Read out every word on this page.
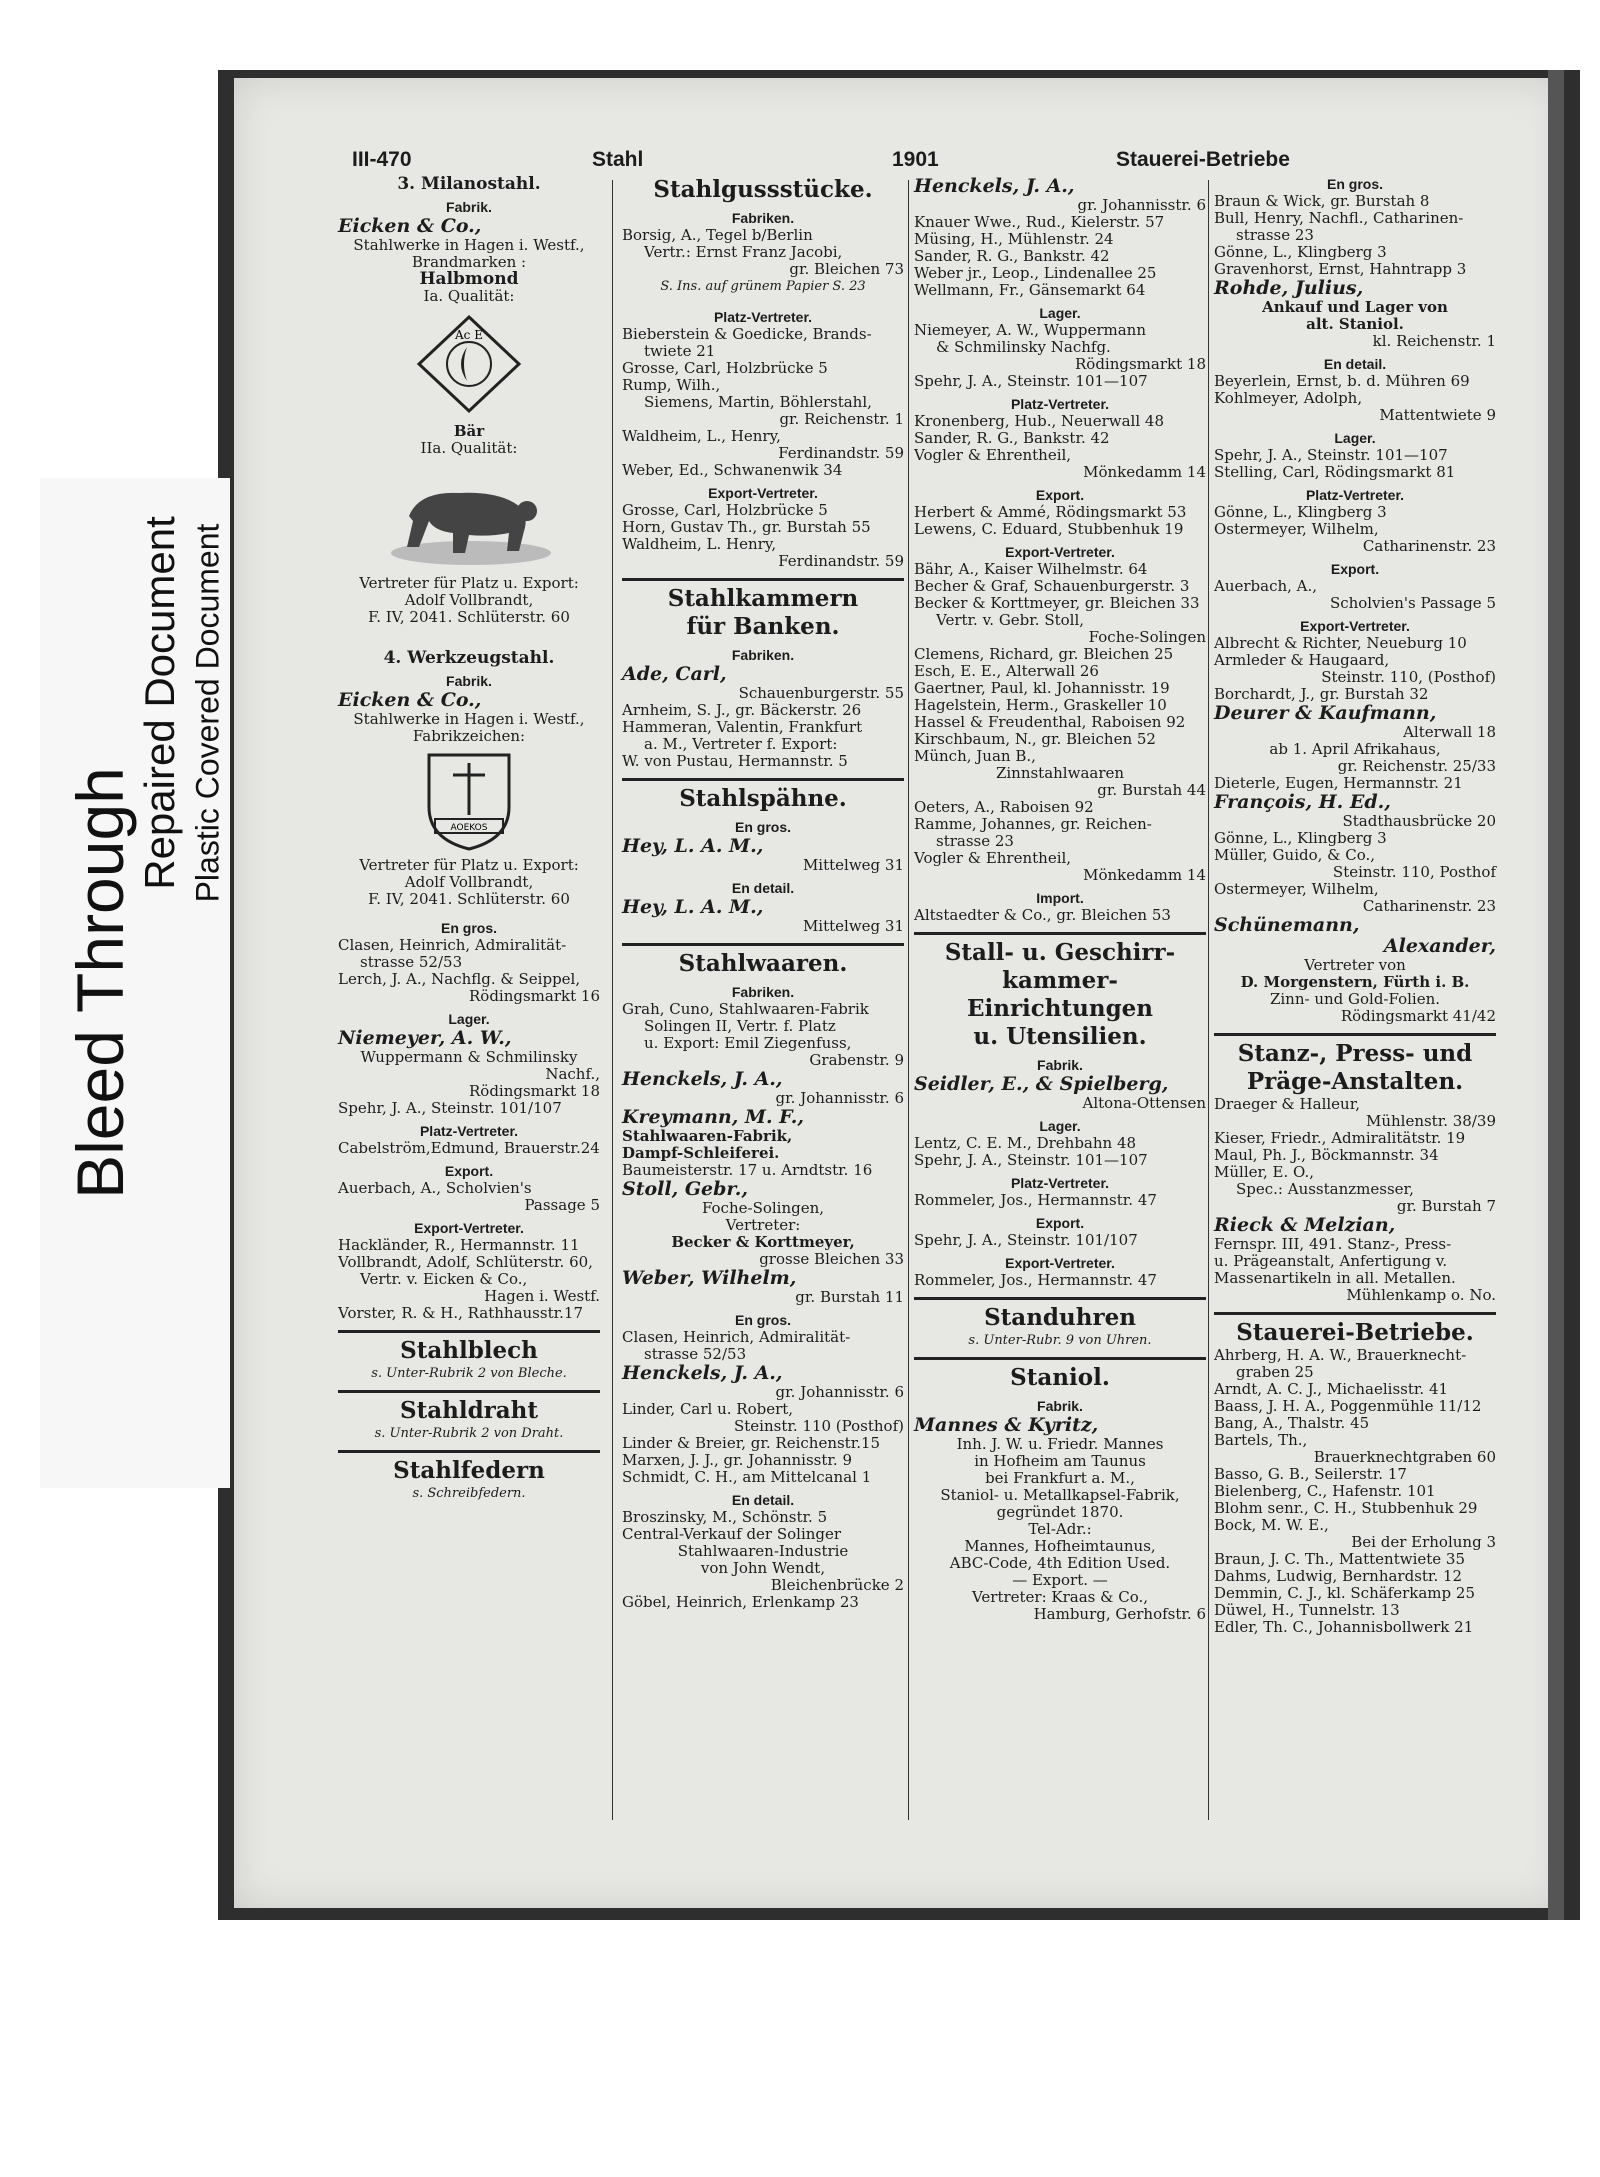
Bleed Through
Repaired Document Plastic Covered Document
III-470	Stahl	1901	Stauerei-Betriebe
3. Milanostahl.
Fabrik.
Eicken & Co.,
Stahlwerke in Hagen i. Westf.,
Brandmarken :
Halbmond
Ia. Qualität:
Ac E
Bär
IIa. Qualität:
Vertreter für Platz u. Export:
Adolf Vollbrandt,
F. IV, 2041. Schlüterstr. 60
4. Werkzeugstahl.
Fabrik.
Eicken & Co.,
Stahlwerke in Hagen i. Westf.,
Fabrikzeichen:
AOEKOS
Vertreter für Platz u. Export:
Adolf Vollbrandt,
F. IV, 2041. Schlüterstr. 60
En gros.
Clasen, Heinrich, Admiralität-
strasse 52/53
Lerch, J. A., Nachflg. & Seippel,
Rödingsmarkt 16
Lager.
Niemeyer, A. W.,
Wuppermann & Schmilinsky
Nachf.,
Rödingsmarkt 18
Spehr, J. A., Steinstr. 101/107
Platz-Vertreter.
Cabelström,Edmund, Brauerstr.24
Export.
Auerbach, A., Scholvien's
Passage 5
Export-Vertreter.
Hackländer, R., Hermannstr. 11
Vollbrandt, Adolf, Schlüterstr. 60,
Vertr. v. Eicken & Co.,
Hagen i. Westf.
Vorster, R. & H., Rathhausstr.17
Stahlblech
s. Unter-Rubrik 2 von Bleche.
Stahldraht
s. Unter-Rubrik 2 von Draht.
Stahlfedern
s. Schreibfedern.
Stahlgussstücke.
Fabriken.
Borsig, A., Tegel b/Berlin
Vertr.: Ernst Franz Jacobi,
gr. Bleichen 73
S. Ins. auf grünem Papier S. 23
Platz-Vertreter.
Bieberstein & Goedicke, Brands-
twiete 21
Grosse, Carl, Holzbrücke 5
Rump, Wilh.,
Siemens, Martin, Böhlerstahl,
gr. Reichenstr. 1
Waldheim, L., Henry,
Ferdinandstr. 59
Weber, Ed., Schwanenwik 34
Export-Vertreter.
Grosse, Carl, Holzbrücke 5
Horn, Gustav Th., gr. Burstah 55
Waldheim, L. Henry,
Ferdinandstr. 59
Stahlkammern
für Banken.
Fabriken.
Ade, Carl,
Schauenburgerstr. 55
Arnheim, S. J., gr. Bäckerstr. 26
Hammeran, Valentin, Frankfurt
a. M., Vertreter f. Export:
W. von Pustau, Hermannstr. 5
Stahlspähne.
En gros.
Hey, L. A. M.,
Mittelweg 31
En detail.
Hey, L. A. M.,
Mittelweg 31
Stahlwaaren.
Fabriken.
Grah, Cuno, Stahlwaaren-Fabrik
Solingen II, Vertr. f. Platz
u. Export: Emil Ziegenfuss,
Grabenstr. 9
Henckels, J. A.,
gr. Johannisstr. 6
Kreymann, M. F.,
Stahlwaaren-Fabrik,
Dampf-Schleiferei.
Baumeisterstr. 17 u. Arndtstr. 16
Stoll, Gebr.,
Foche-Solingen,
Vertreter:
Becker & Korttmeyer,
grosse Bleichen 33
Weber, Wilhelm,
gr. Burstah 11
En gros.
Clasen, Heinrich, Admiralität-
strasse 52/53
Henckels, J. A.,
gr. Johannisstr. 6
Linder, Carl u. Robert,
Steinstr. 110 (Posthof)
Linder & Breier, gr. Reichenstr.15
Marxen, J. J., gr. Johannisstr. 9
Schmidt, C. H., am Mittelcanal 1
En detail.
Broszinsky, M., Schönstr. 5
Central-Verkauf der Solinger
Stahlwaaren-Industrie
von John Wendt,
Bleichenbrücke 2
Göbel, Heinrich, Erlenkamp 23
Henckels, J. A.,
gr. Johannisstr. 6
Knauer Wwe., Rud., Kielerstr. 57
Müsing, H., Mühlenstr. 24
Sander, R. G., Bankstr. 42
Weber jr., Leop., Lindenallee 25
Wellmann, Fr., Gänsemarkt 64
Lager.
Niemeyer, A. W., Wuppermann
& Schmilinsky Nachfg.
Rödingsmarkt 18
Spehr, J. A., Steinstr. 101—107
Platz-Vertreter.
Kronenberg, Hub., Neuerwall 48
Sander, R. G., Bankstr. 42
Vogler & Ehrentheil,
Mönkedamm 14
Export.
Herbert & Ammé, Rödingsmarkt 53
Lewens, C. Eduard, Stubbenhuk 19
Export-Vertreter.
Bähr, A., Kaiser Wilhelmstr. 64
Becher & Graf, Schauenburgerstr. 3
Becker & Korttmeyer, gr. Bleichen 33
Vertr. v. Gebr. Stoll,
Foche-Solingen
Clemens, Richard, gr. Bleichen 25
Esch, E. E., Alterwall 26
Gaertner, Paul, kl. Johannisstr. 19
Hagelstein, Herm., Graskeller 10
Hassel & Freudenthal, Raboisen 92
Kirschbaum, N., gr. Bleichen 52
Münch, Juan B.,
Zinnstahlwaaren
gr. Burstah 44
Oeters, A., Raboisen 92
Ramme, Johannes, gr. Reichen-
strasse 23
Vogler & Ehrentheil,
Mönkedamm 14
Import.
Altstaedter & Co., gr. Bleichen 53
Stall- u. Geschirr-
kammer-
Einrichtungen
u. Utensilien.
Fabrik.
Seidler, E., & Spielberg,
Altona-Ottensen
Lager.
Lentz, C. E. M., Drehbahn 48
Spehr, J. A., Steinstr. 101—107
Platz-Vertreter.
Rommeler, Jos., Hermannstr. 47
Export.
Spehr, J. A., Steinstr. 101/107
Export-Vertreter.
Rommeler, Jos., Hermannstr. 47
Standuhren
s. Unter-Rubr. 9 von Uhren.
Staniol.
Fabrik.
Mannes & Kyritz,
Inh. J. W. u. Friedr. Mannes
in Hofheim am Taunus
bei Frankfurt a. M.,
Staniol- u. Metallkapsel-Fabrik,
gegründet 1870.
Tel-Adr.:
Mannes, Hofheimtaunus,
ABC-Code, 4th Edition Used.
— Export. —
Vertreter: Kraas & Co.,
Hamburg, Gerhofstr. 6
En gros.
Braun & Wick, gr. Burstah 8
Bull, Henry, Nachfl., Catharinen-
strasse 23
Gönne, L., Klingberg 3
Gravenhorst, Ernst, Hahntrapp 3
Rohde, Julius,
Ankauf und Lager von
alt. Staniol.
kl. Reichenstr. 1
En detail.
Beyerlein, Ernst, b. d. Mühren 69
Kohlmeyer, Adolph,
Mattentwiete 9
Lager.
Spehr, J. A., Steinstr. 101—107
Stelling, Carl, Rödingsmarkt 81
Platz-Vertreter.
Gönne, L., Klingberg 3
Ostermeyer, Wilhelm,
Catharinenstr. 23
Export.
Auerbach, A.,
Scholvien's Passage 5
Export-Vertreter.
Albrecht & Richter, Neueburg 10
Armleder & Haugaard,
Steinstr. 110, (Posthof)
Borchardt, J., gr. Burstah 32
Deurer & Kaufmann,
Alterwall 18
ab 1. April Afrikahaus,
gr. Reichenstr. 25/33
Dieterle, Eugen, Hermannstr. 21
François, H. Ed.,
Stadthausbrücke 20
Gönne, L., Klingberg 3
Müller, Guido, & Co.,
Steinstr. 110, Posthof
Ostermeyer, Wilhelm,
Catharinenstr. 23
Schünemann,
Alexander,
Vertreter von
D. Morgenstern, Fürth i. B.
Zinn- und Gold-Folien.
Rödingsmarkt 41/42
Stanz-, Press- und
Präge-Anstalten.
Draeger & Halleur,
Mühlenstr. 38/39
Kieser, Friedr., Admiralitätstr. 19
Maul, Ph. J., Böckmannstr. 34
Müller, E. O.,
Spec.: Ausstanzmesser,
gr. Burstah 7
Rieck & Melzian,
Fernspr. III, 491. Stanz-, Press-
u. Prägeanstalt, Anfertigung v.
Massenartikeln in all. Metallen.
Mühlenkamp o. No.
Stauerei-Betriebe.
Ahrberg, H. A. W., Brauerknecht-
graben 25
Arndt, A. C. J., Michaelisstr. 41
Baass, J. H. A., Poggenmühle 11/12
Bang, A., Thalstr. 45
Bartels, Th.,
Brauerknechtgraben 60
Basso, G. B., Seilerstr. 17
Bielenberg, C., Hafenstr. 101
Blohm senr., C. H., Stubbenhuk 29
Bock, M. W. E.,
Bei der Erholung 3
Braun, J. C. Th., Mattentwiete 35
Dahms, Ludwig, Bernhardstr. 12
Demmin, C. J., kl. Schäferkamp 25
Düwel, H., Tunnelstr. 13
Edler, Th. C., Johannisbollwerk 21
